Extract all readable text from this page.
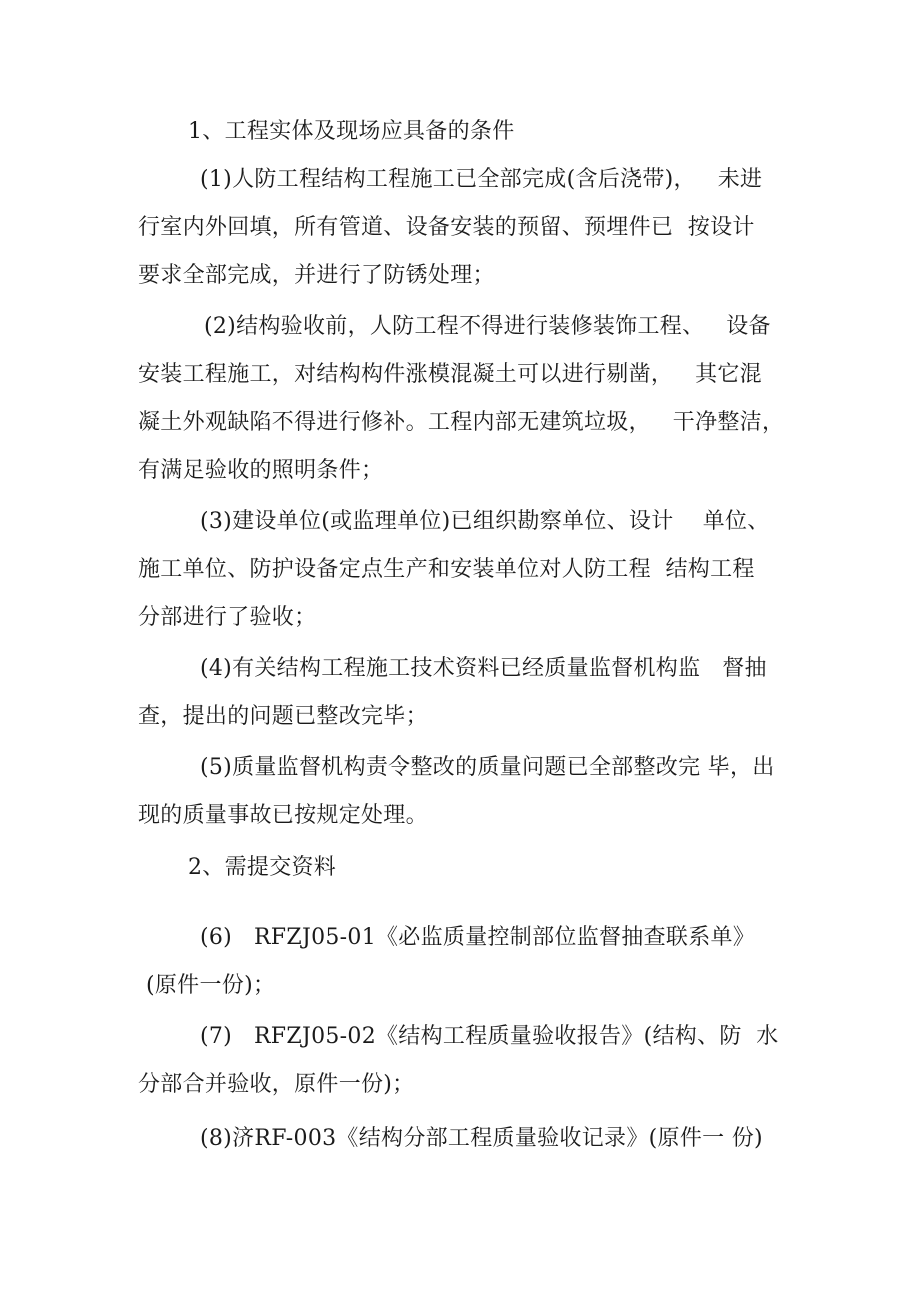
1、工程实体及现场应具备的条件
(1)人防工程结构工程施工已全部完成(含后浇带)，   未进
行室内外回填，所有管道、设备安装的预留、预埋件已  按设计
要求全部完成，并进行了防锈处理；
(2)结构验收前，人防工程不得进行装修装饰工程、   设备
安装工程施工，对结构构件涨模混凝土可以进行剔凿，   其它混
凝土外观缺陷不得进行修补。工程内部无建筑垃圾，   干净整洁，
有满足验收的照明条件；
(3)建设单位(或监理单位)已组织勘察单位、设计    单位、
施工单位、防护设备定点生产和安装单位对人防工程  结构工程
分部进行了验收；
(4)有关结构工程施工技术资料已经质量监督机构监   督抽
查，提出的问题已整改完毕；
(5)质量监督机构责令整改的质量问题已全部整改完 毕，出
现的质量事故已按规定处理。
2、需提交资料
(6)   RFZJ05-01《必监质量控制部位监督抽查联系单》
(原件一份)；
(7)   RFZJ05-02《结构工程质量验收报告》(结构、防  水
分部合并验收，原件一份)；
(8)济RF-003《结构分部工程质量验收记录》(原件一 份)
